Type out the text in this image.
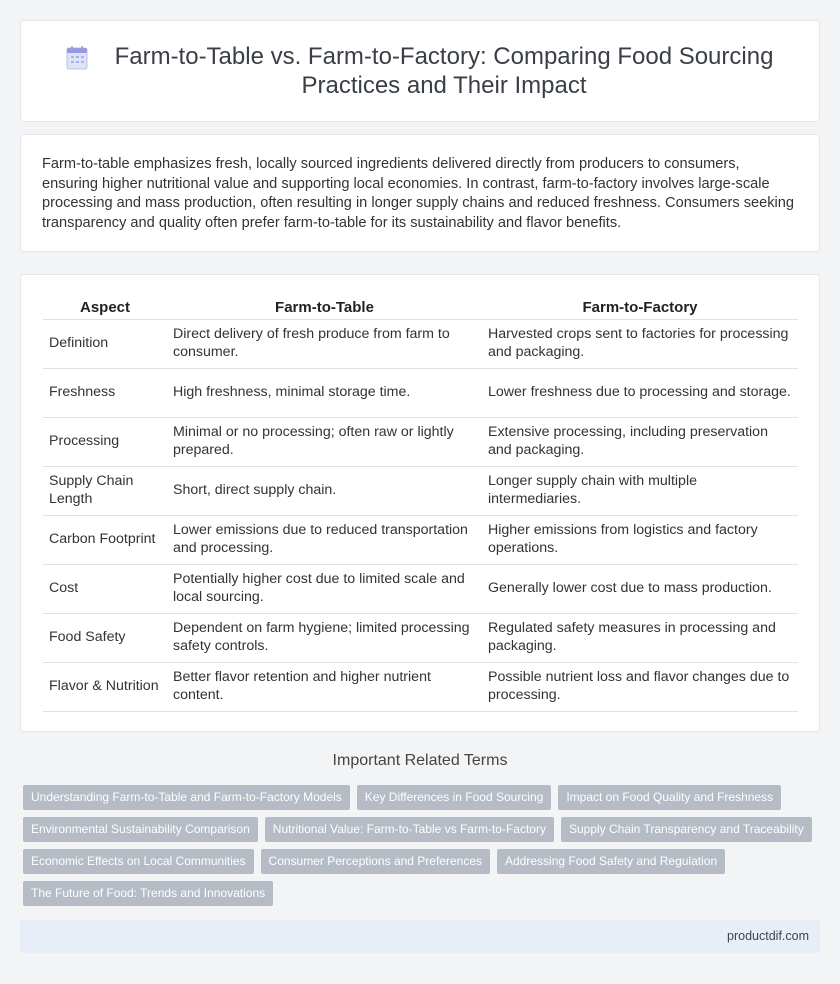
Farm-to-Table vs. Farm-to-Factory: Comparing Food Sourcing Practices and Their Impact

Farm-to-table emphasizes fresh, locally sourced ingredients delivered directly from producers to consumers, ensuring higher nutritional value and supporting local economies. In contrast, farm-to-factory involves large-scale processing and mass production, often resulting in longer supply chains and reduced freshness. Consumers seeking transparency and quality often prefer farm-to-table for its sustainability and flavor benefits.

Aspect	Farm-to-Table	Farm-to-Factory
Definition	Direct delivery of fresh produce from farm to consumer.	Harvested crops sent to factories for processing and packaging.
Freshness	High freshness, minimal storage time.	Lower freshness due to processing and storage.
Processing	Minimal or no processing; often raw or lightly prepared.	Extensive processing, including preservation and packaging.
Supply Chain Length	Short, direct supply chain.	Longer supply chain with multiple intermediaries.
Carbon Footprint	Lower emissions due to reduced transportation and processing.	Higher emissions from logistics and factory operations.
Cost	Potentially higher cost due to limited scale and local sourcing.	Generally lower cost due to mass production.
Food Safety	Dependent on farm hygiene; limited processing safety controls.	Regulated safety measures in processing and packaging.
Flavor & Nutrition	Better flavor retention and higher nutrient content.	Possible nutrient loss and flavor changes due to processing.
Important Related Terms
Understanding Farm-to-Table and Farm-to-Factory Models	Key Differences in Food Sourcing	Impact on Food Quality and Freshness
Environmental Sustainability Comparison	Nutritional Value: Farm-to-Table vs Farm-to-Factory	Supply Chain Transparency and Traceability
Economic Effects on Local Communities	Consumer Perceptions and Preferences	Addressing Food Safety and Regulation
The Future of Food: Trends and Innovations
productdif.com
